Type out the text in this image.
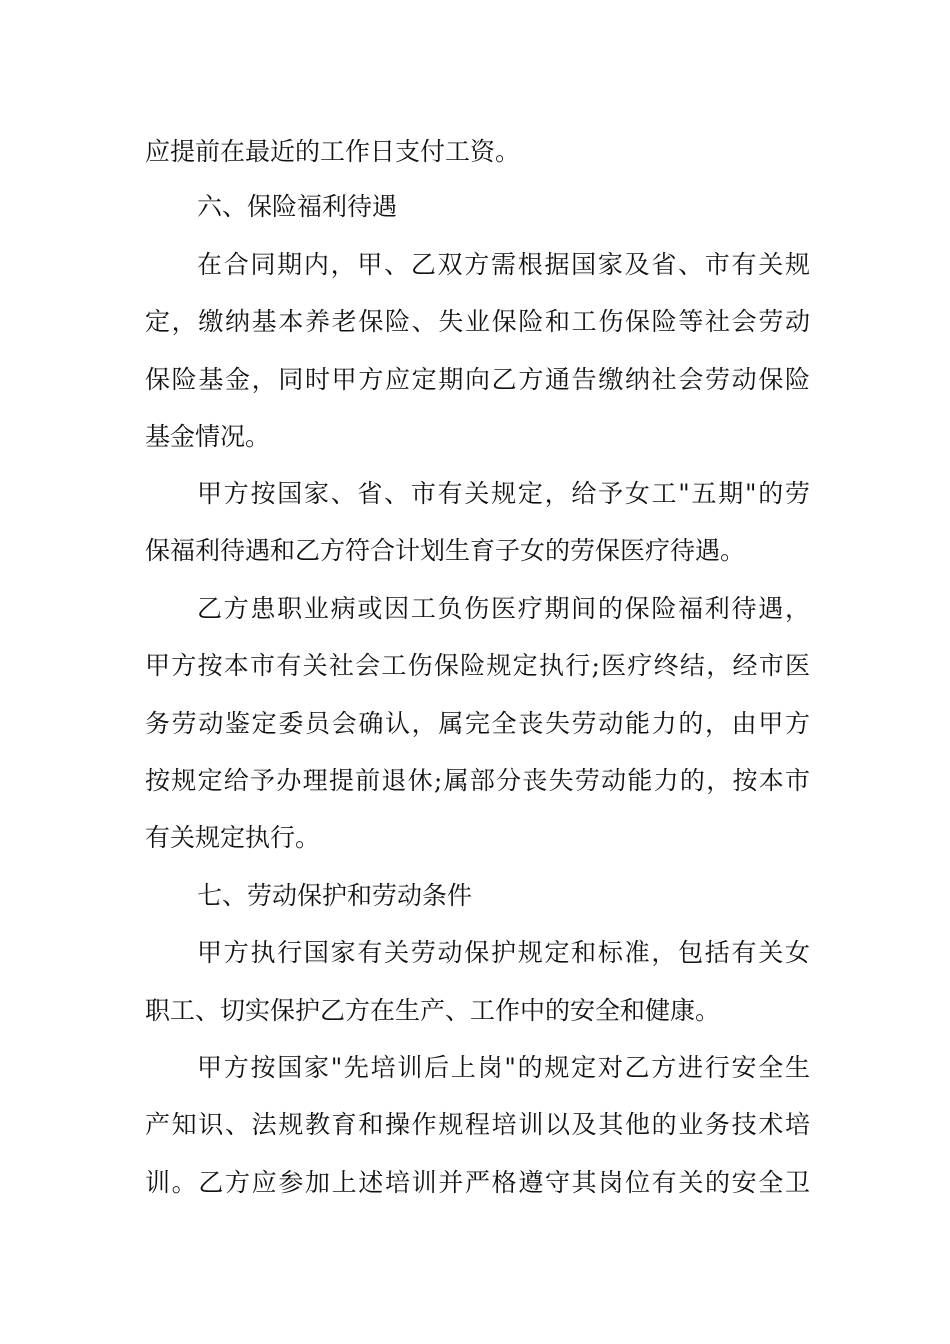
应提前在最近的工作日支付工资。
六、保险福利待遇
在合同期内，甲、乙双方需根据国家及省、市有关规
定，缴纳基本养老保险、失业保险和工伤保险等社会劳动
保险基金，同时甲方应定期向乙方通告缴纳社会劳动保险
基金情况。
甲方按国家、省、市有关规定，给予女工"五期"的劳
保福利待遇和乙方符合计划生育子女的劳保医疗待遇。
乙方患职业病或因工负伤医疗期间的保险福利待遇，
甲方按本市有关社会工伤保险规定执行;医疗终结，经市医
务劳动鉴定委员会确认，属完全丧失劳动能力的，由甲方
按规定给予办理提前退休;属部分丧失劳动能力的，按本市
有关规定执行。
七、劳动保护和劳动条件
甲方执行国家有关劳动保护规定和标准，包括有关女
职工、切实保护乙方在生产、工作中的安全和健康。
甲方按国家"先培训后上岗"的规定对乙方进行安全生
产知识、法规教育和操作规程培训以及其他的业务技术培
训。乙方应参加上述培训并严格遵守其岗位有关的安全卫
